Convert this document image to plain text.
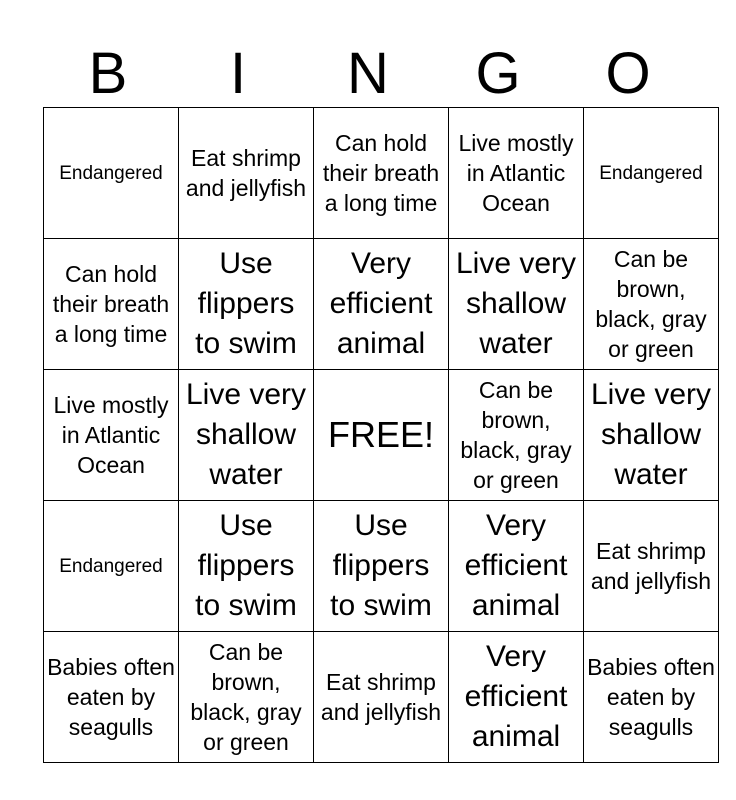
B	I	N	G	O
Endangered	Eat shrimp and jellyfish	Can hold their breath a long time	Live mostly in Atlantic Ocean	Endangered
Can hold their breath a long time	Use flippers to swim	Very efficient animal	Live very shallow water	Can be brown, black, gray or green
Live mostly in Atlantic Ocean	Live very shallow water	FREE!	Can be brown, black, gray or green	Live very shallow water
Endangered	Use flippers to swim	Use flippers to swim	Very efficient animal	Eat shrimp and jellyfish
Babies often eaten by seagulls	Can be brown, black, gray or green	Eat shrimp and jellyfish	Very efficient animal	Babies often eaten by seagulls
